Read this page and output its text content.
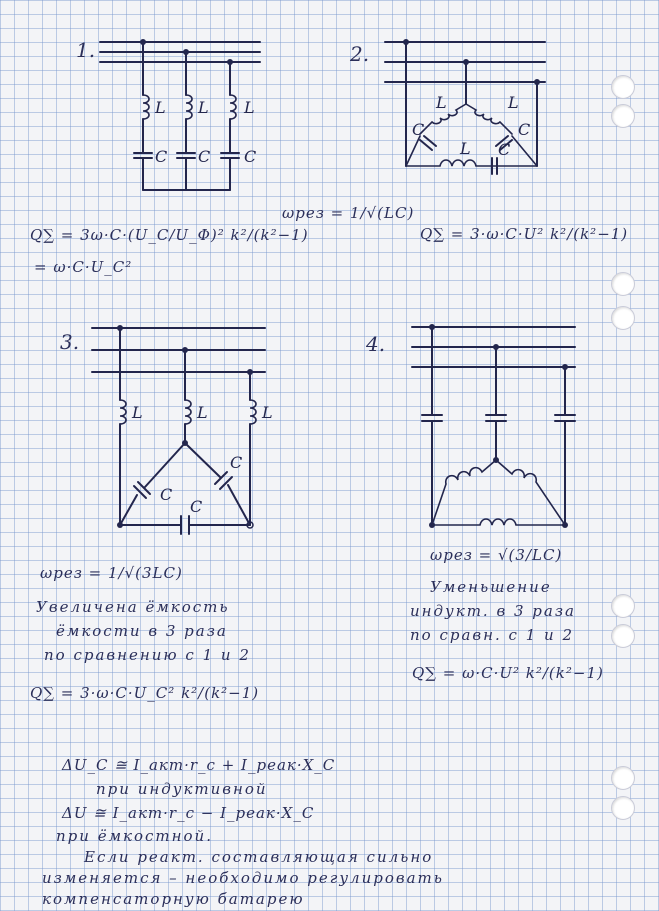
L L L
C C C
C	C
C
L	L
L
L	L	L
C
C
C
1.	2.
3.	4.
Q∑ = 3ω·C·(U_C/U_Φ)² k²/(k²−1)
= ω·C·U_C²
ωрез = 1/√(LC)
Q∑ = 3·ω·C·U² k²/(k²−1)
ωрез = 1/√(3LC)
Увеличена ёмкость
ёмкости в 3 раза
по сравнению с 1 и 2
Q∑ = 3·ω·C·U_C² k²/(k²−1)
ωрез = √(3/LC)
Уменьшение
индукт. в 3 раза
по сравн. с 1 и 2
Q∑ = ω·C·U² k²/(k²−1)
ΔU_C ≅ I_акт·r_c + I_реак·X_C
при индуктивной
ΔU ≅ I_акт·r_c − I_реак·X_C
при ёмкостной.
Если реакт. составляющая сильно
изменяется – необходимо регулировать
компенсаторную батарею
